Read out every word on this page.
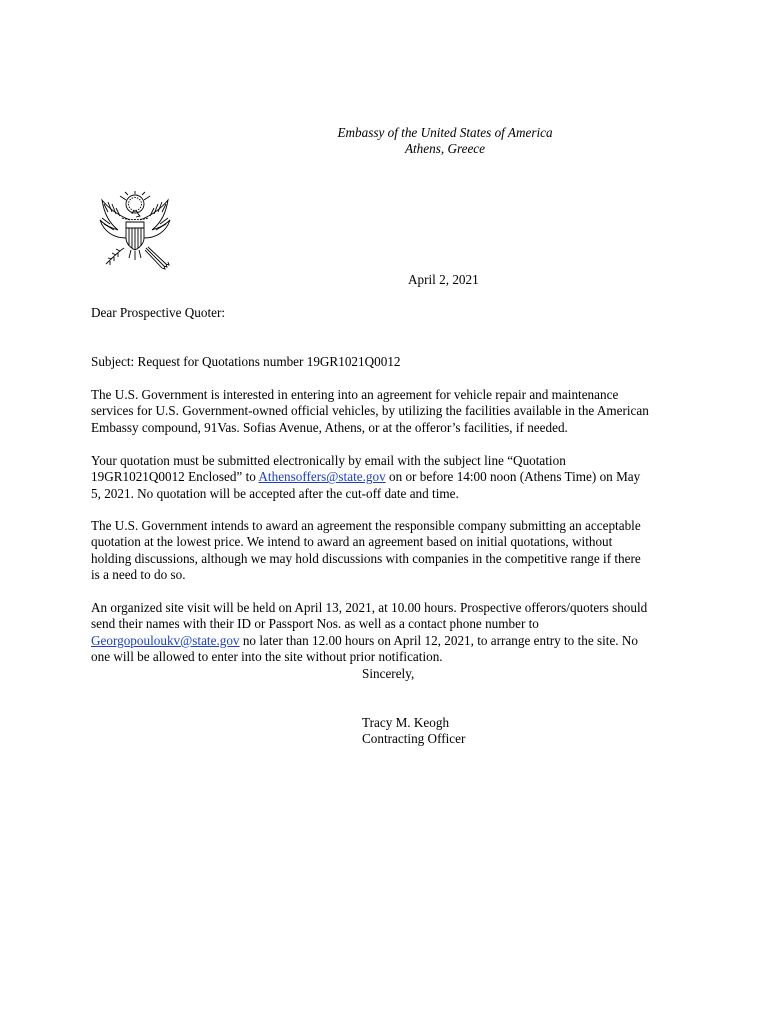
Embassy of the United States of America
Athens, Greece
April 2, 2021
Dear Prospective Quoter:
Subject: Request for Quotations number 19GR1021Q0012

The U.S. Government is interested in entering into an agreement for vehicle repair and maintenance
services for U.S. Government-owned official vehicles, by utilizing the facilities available in the American
Embassy compound, 91Vas. Sofias Avenue, Athens, or at the offeror’s facilities, if needed.

Your quotation must be submitted electronically by email with the subject line “Quotation
19GR1021Q0012 Enclosed” to Athensoffers@state.gov on or before 14:00 noon (Athens Time) on May
5, 2021. No quotation will be accepted after the cut-off date and time.

The U.S. Government intends to award an agreement the responsible company submitting an acceptable
quotation at the lowest price. We intend to award an agreement based on initial quotations, without
holding discussions, although we may hold discussions with companies in the competitive range if there
is a need to do so.

An organized site visit will be held on April 13, 2021, at 10.00 hours. Prospective offerors/quoters should
send their names with their ID or Passport Nos. as well as a contact phone number to
Georgopouloukv@state.gov no later than 12.00 hours on April 12, 2021, to arrange entry to the site. No
one will be allowed to enter into the site without prior notification.

Sincerely,
Tracy M. Keogh
Contracting Officer
